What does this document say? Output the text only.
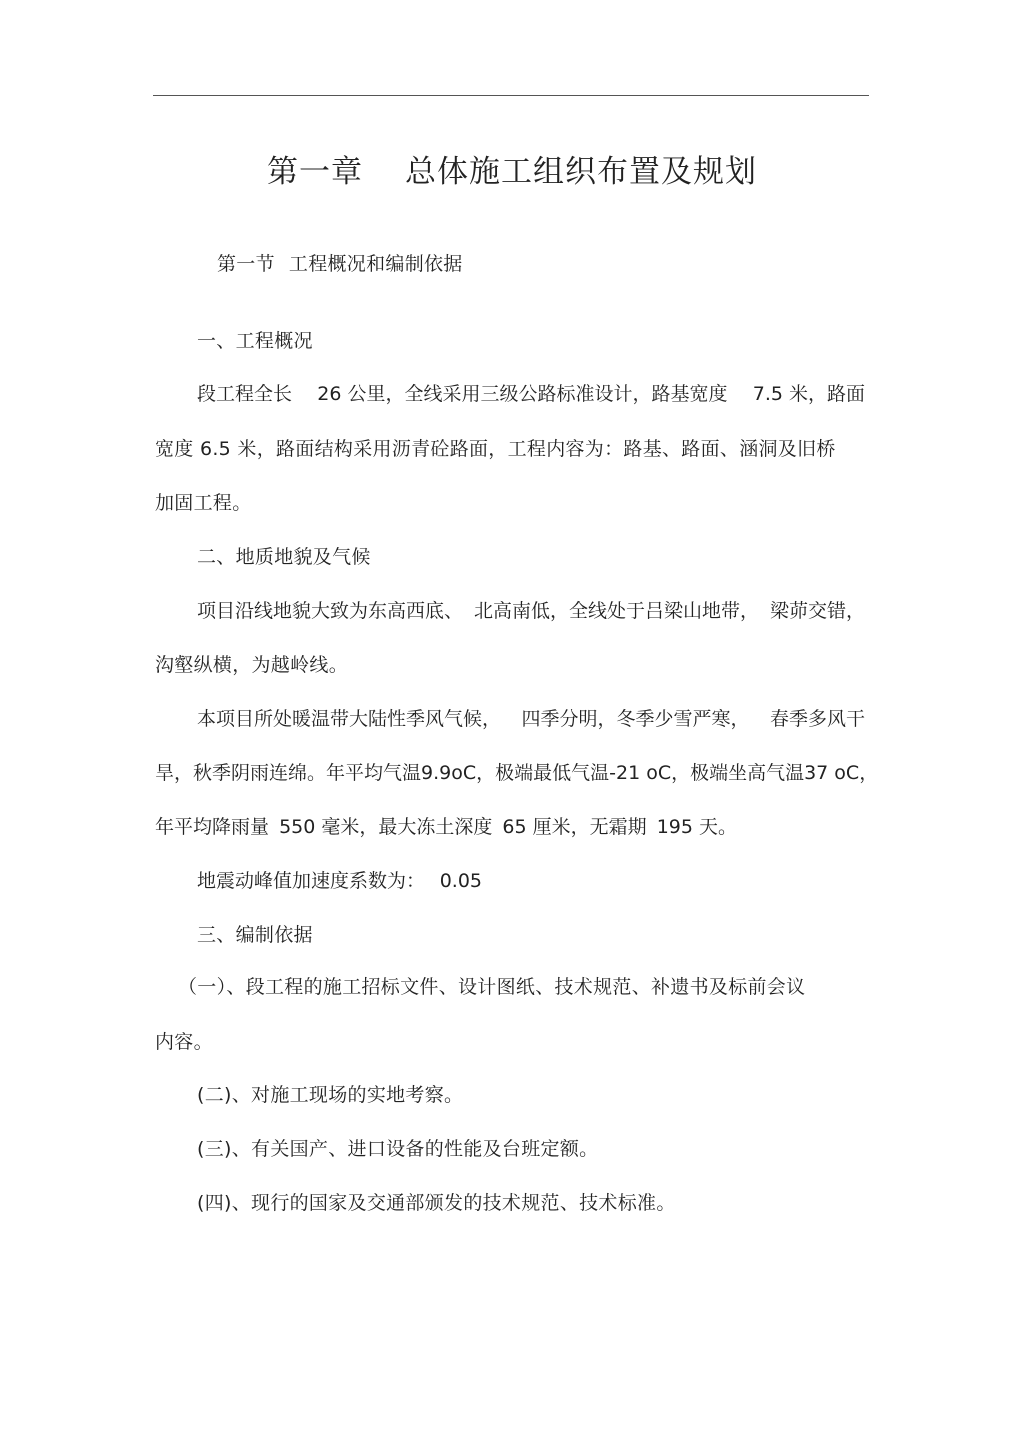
第一章 总体施工组织布置及规划
第一节 工程概况和编制依据
一、工程概况
段工程全长 26 公里，全线采用三级公路标准设计，路基宽度 7.5 米，路面
宽度 6.5 米，路面结构采用沥青砼路面，工程内容为：路基、路面、涵洞及旧桥
加固工程。
二、地质地貌及气候
项目沿线地貌大致为东高西底、 北高南低，全线处于吕梁山地带， 梁茆交错，
沟壑纵横，为越岭线。
本项目所处暖温带大陆性季风气候， 四季分明，冬季少雪严寒， 春季多风干
旱，秋季阴雨连绵。年平均气温 9.9oC，极端最低气温 -21 oC，极端坐高气温 37 oC，
年平均降雨量 550 毫米，最大冻土深度 65 厘米，无霜期 195 天。
地震动峰值加速度系数为： 0.05
三、编制依据
（一）、段工程的施工招标文件、设计图纸、技术规范、补遗书及标前会议
内容。
(二)、对施工现场的实地考察。
(三)、有关国产、进口设备的性能及台班定额。
(四)、现行的国家及交通部颁发的技术规范、技术标准。
